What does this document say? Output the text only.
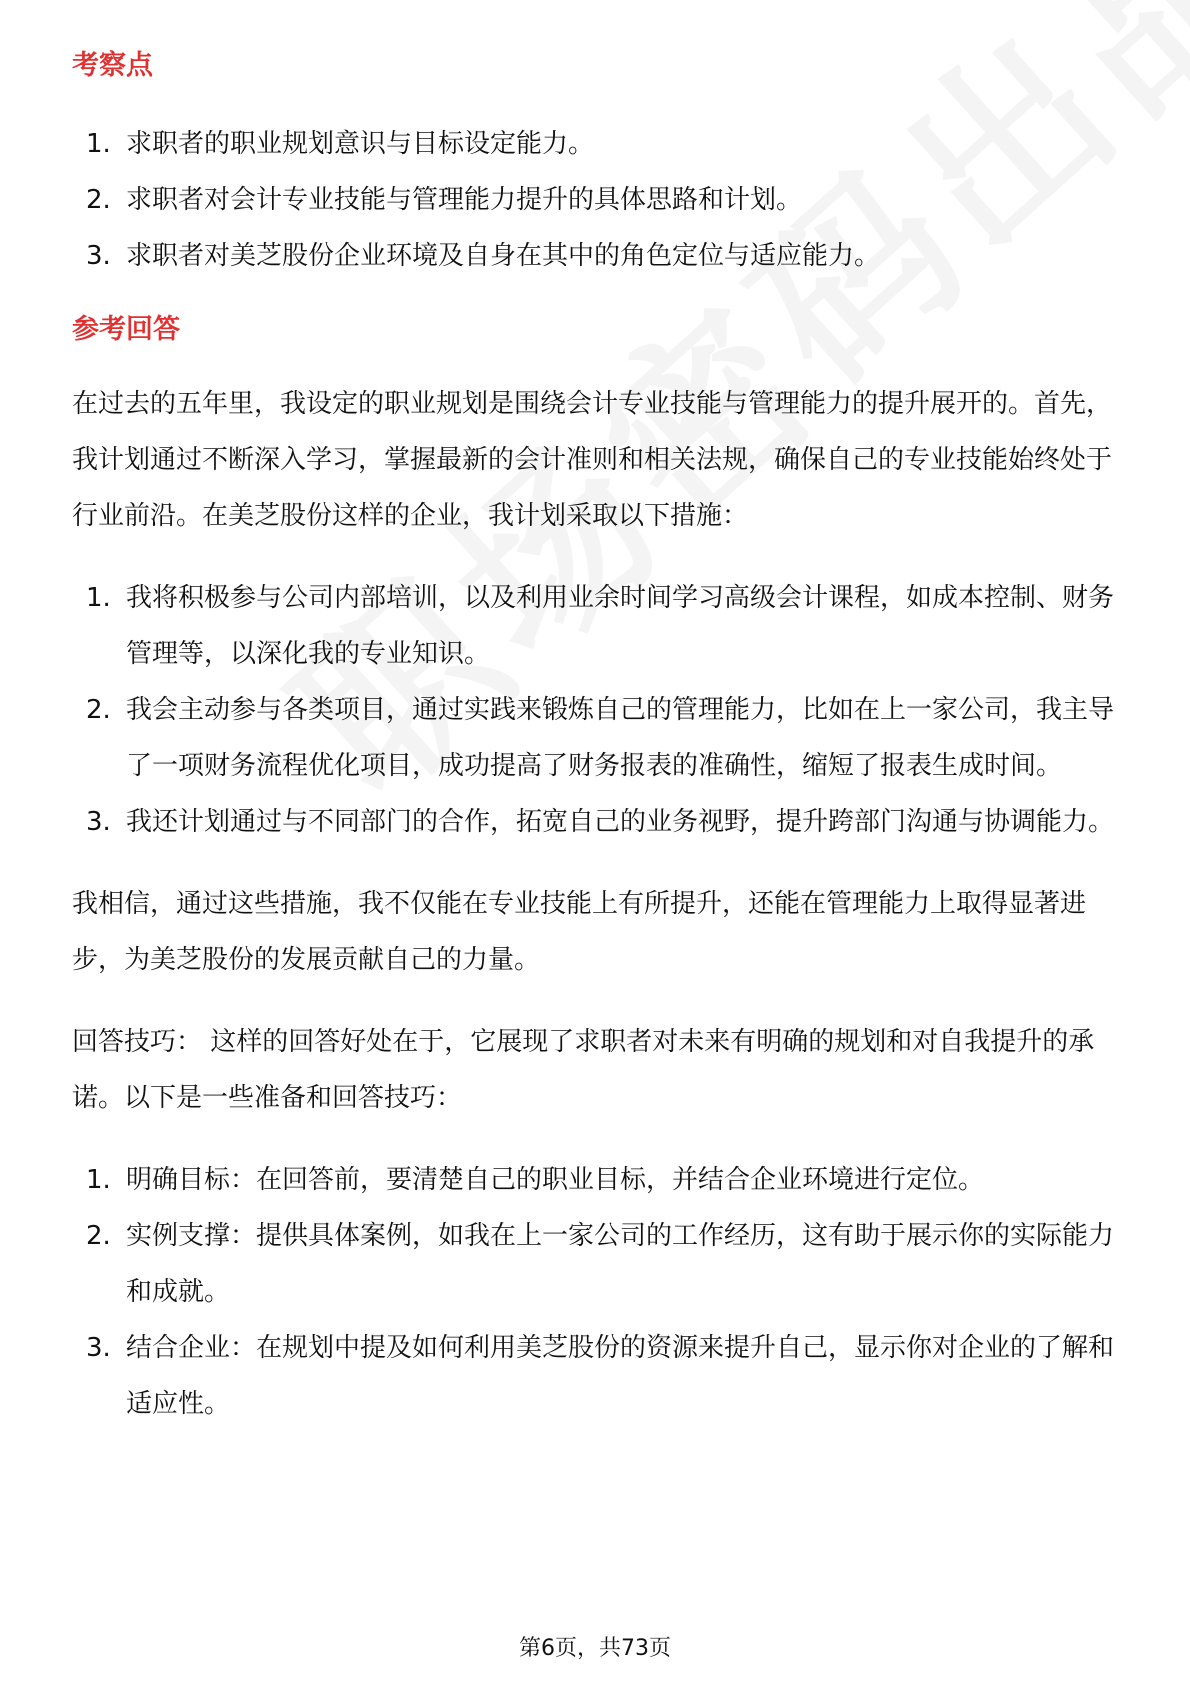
考察点
1. 求职者的职业规划意识与目标设定能力。
2. 求职者对会计专业技能与管理能力提升的具体思路和计划。
3. 求职者对美芝股份企业环境及自身在其中的角色定位与适应能力。
参考回答

在过去的五年里，我设定的职业规划是围绕会计专业技能与管理能力的提升展开的。首先，我计划通过不断深入学习，掌握最新的会计准则和相关法规，确保自己的专业技能始终处于行业前沿。在美芝股份这样的企业，我计划采取以下措施：

1. 我将积极参与公司内部培训，以及利用业余时间学习高级会计课程，如成本控制、财务管理等，以深化我的专业知识。
2. 我会主动参与各类项目，通过实践来锻炼自己的管理能力，比如在上一家公司，我主导了一项财务流程优化项目，成功提高了财务报表的准确性，缩短了报表生成时间。
3. 我还计划通过与不同部门的合作，拓宽自己的业务视野，提升跨部门沟通与协调能力。

我相信，通过这些措施，我不仅能在专业技能上有所提升，还能在管理能力上取得显著进步，为美芝股份的发展贡献自己的力量。

回答技巧： 这样的回答好处在于，它展现了求职者对未来有明确的规划和对自我提升的承诺。以下是一些准备和回答技巧：

1. 明确目标：在回答前，要清楚自己的职业目标，并结合企业环境进行定位。
2. 实例支撑：提供具体案例，如我在上一家公司的工作经历，这有助于展示你的实际能力和成就。
3. 结合企业：在规划中提及如何利用美芝股份的资源来提升自己，显示你对企业的了解和适应性。
第6页，共73页
